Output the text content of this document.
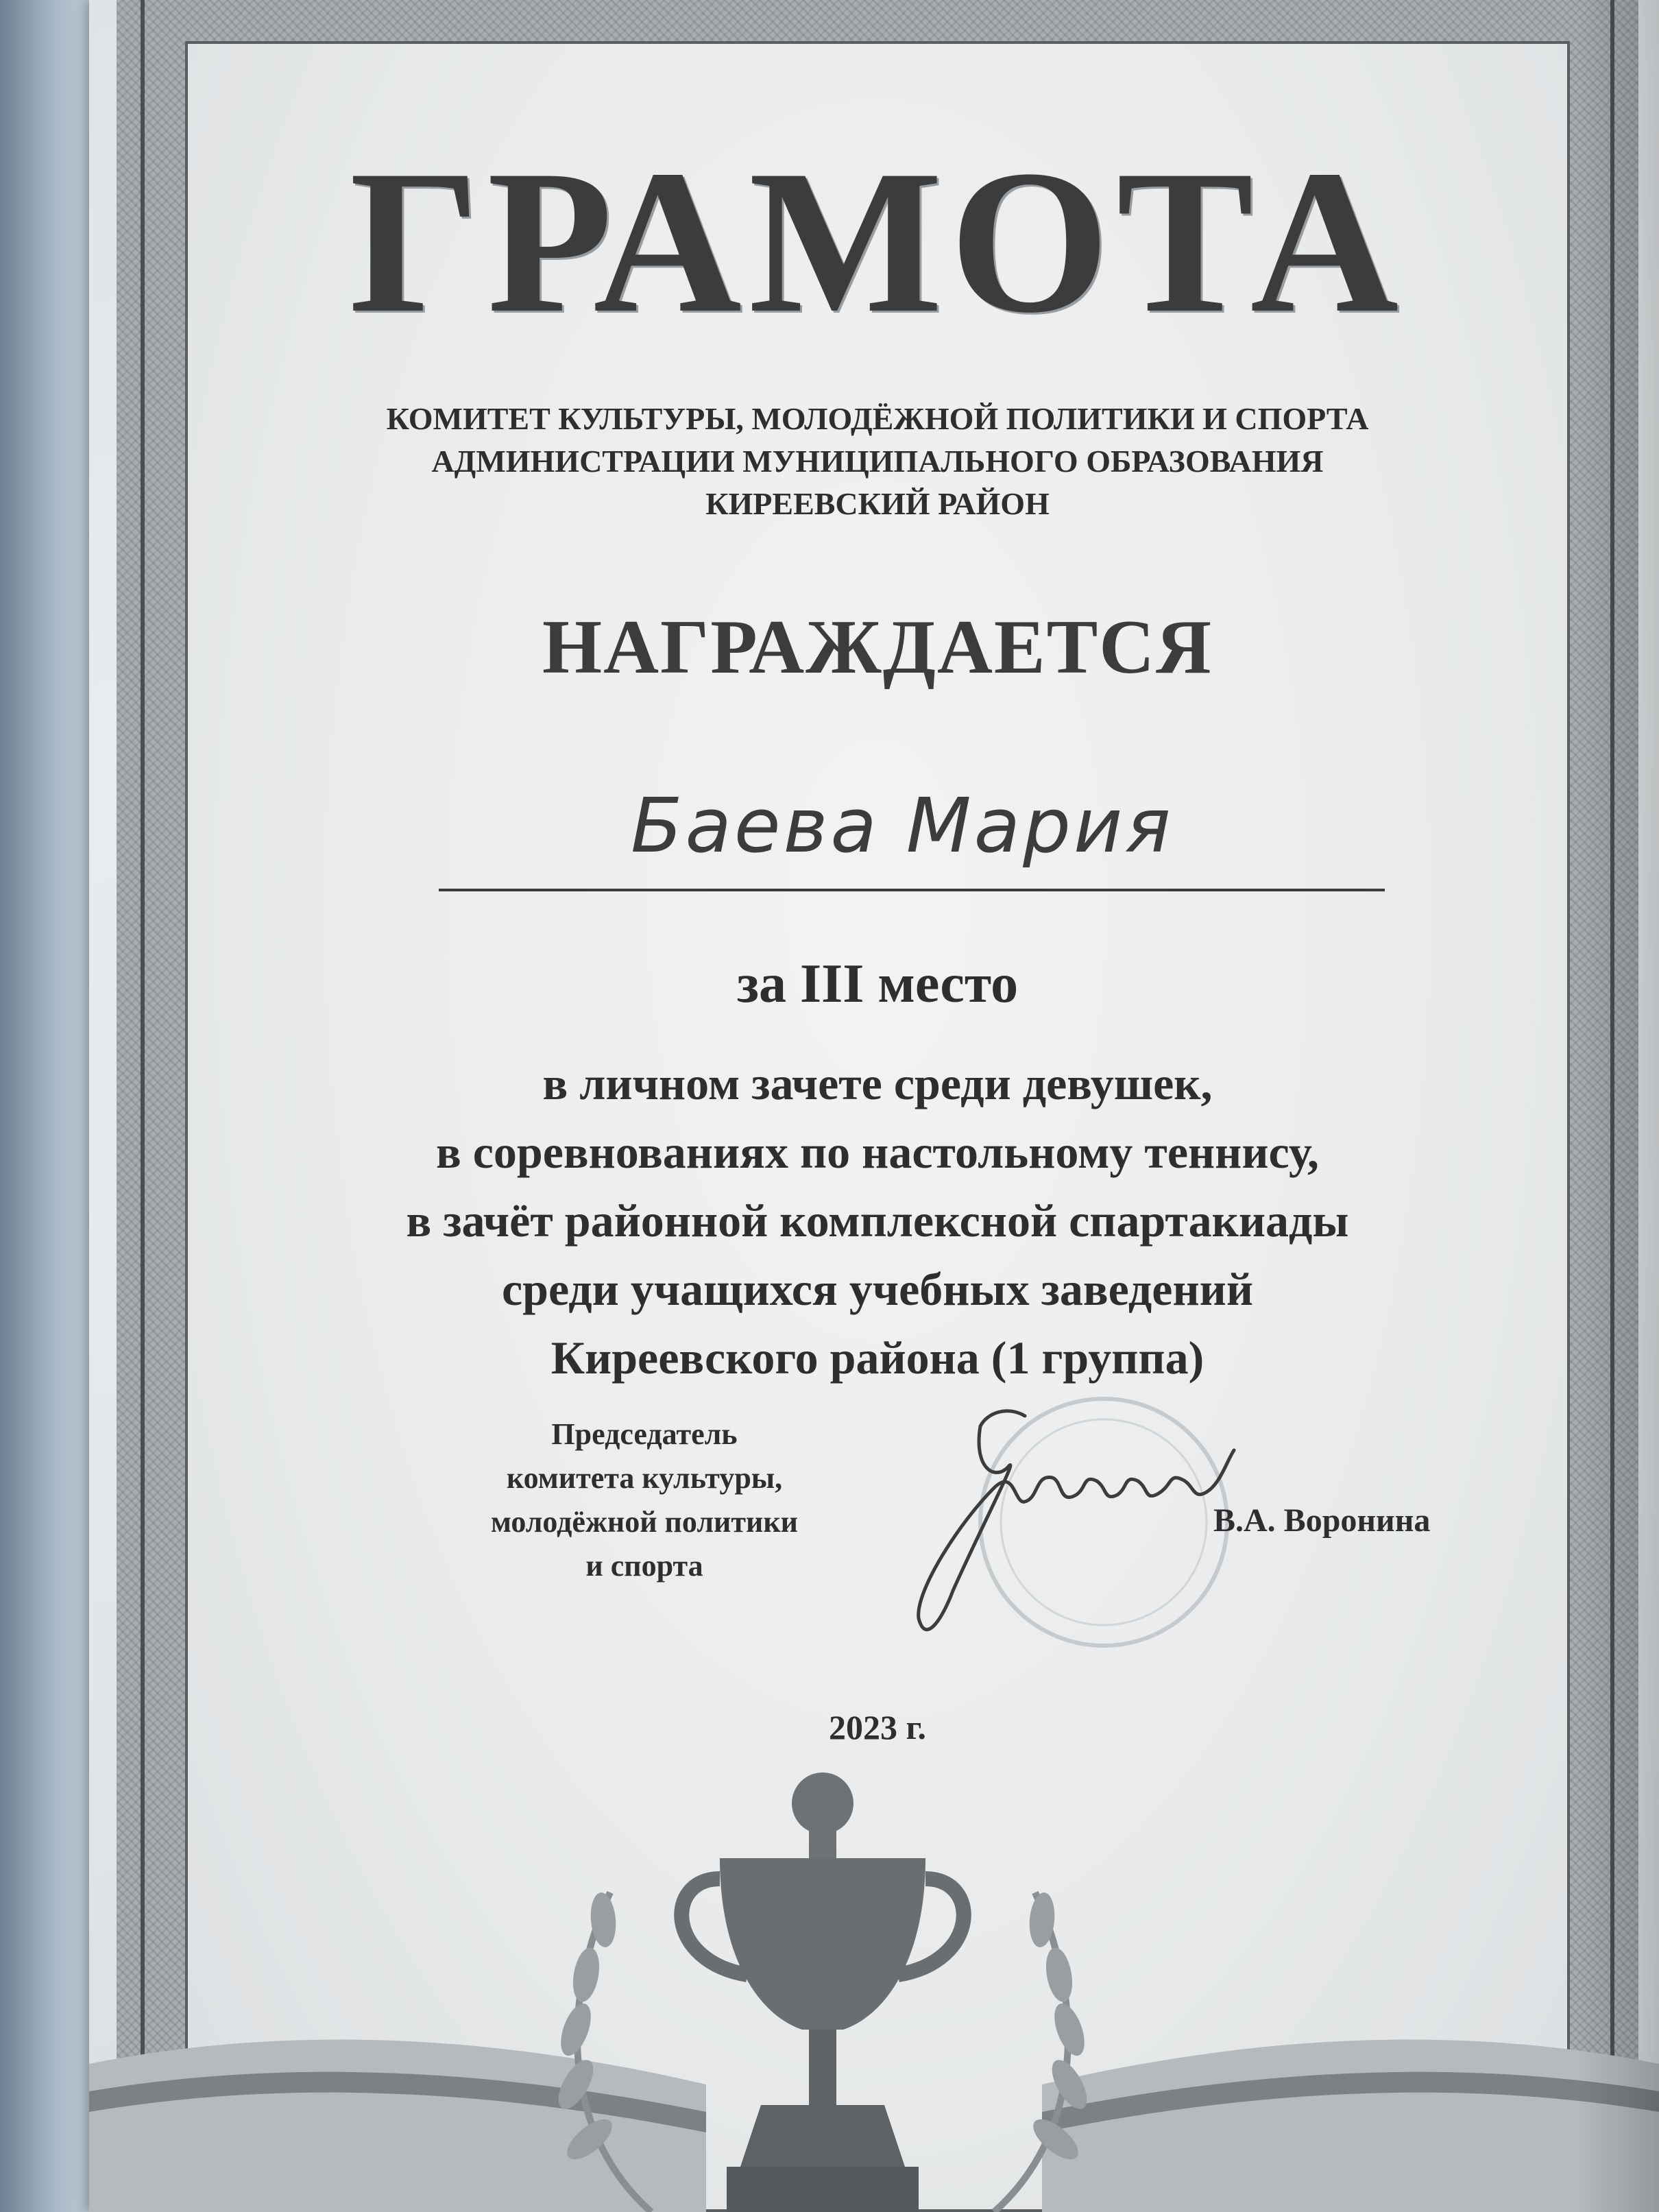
ГРАМОТА
КОМИТЕТ КУЛЬТУРЫ, МОЛОДЁЖНОЙ ПОЛИТИКИ И СПОРТА
АДМИНИСТРАЦИИ МУНИЦИПАЛЬНОГО ОБРАЗОВАНИЯ
КИРЕЕВСКИЙ РАЙОН
НАГРАЖДАЕТСЯ
Баева Мария
за III место
в личном зачете среди девушек,
в соревнованиях по настольному теннису,
в зачёт районной комплексной спартакиады
среди учащихся учебных заведений
Киреевского района (1 группа)
Председатель
комитета культуры,
молодёжной политики
и спорта
В.А. Воронина
2023 г.
